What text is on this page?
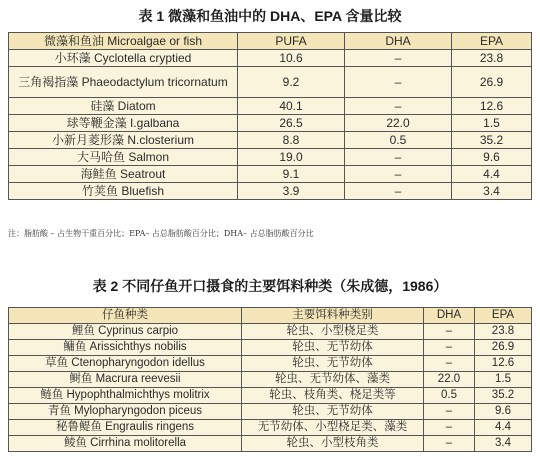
表 1 微藻和鱼油中的 DHA、EPA 含量比较
微藻和鱼油 Microalgae or fish	PUFA	DHA	EPA
小环藻 Cyclotella cryptied	10.6	–	23.8
三角褐指藻 Phaeodactylum tricornatum	9.2	–	26.9
硅藻 Diatom	40.1	–	12.6
球等鞭金藻 I.galbana	26.5	22.0	1.5
小新月菱形藻 N.closterium	8.8	0.5	35.2
大马哈鱼 Salmon	19.0	–	9.6
海鲑鱼 Seatrout	9.1	–	4.4
竹荚鱼 Bluefish	3.9	–	3.4

注：脂肪酸 – 占生物干重百分比；EPA– 占总脂肪酸百分比；DHA– 占总脂肪酸百分比

表 2 不同仔鱼开口摄食的主要饵料种类（朱成德，1986）
仔鱼种类	主要饵料种类别	DHA	EPA
鲤鱼 Cyprinus carpio	轮虫、小型桡足类	–	23.8
鳙鱼 Arissichthys nobilis	轮虫、无节幼体	–	26.9
草鱼 Ctenopharyngodon idellus	轮虫、无节幼体	–	12.6
鲥鱼 Macrura reevesii	轮虫、无节幼体、藻类	22.0	1.5
鲢鱼 Hypophthalmichthys molitrix	轮虫、枝角类、桡足类等	0.5	35.2
青鱼 Mylopharyngodon piceus	轮虫、无节幼体	–	9.6
秘鲁鳀鱼 Engraulis ringens	无节幼体、小型桡足类、藻类	–	4.4
鲮鱼 Cirrhina molitorella	轮虫、小型枝角类	–	3.4
